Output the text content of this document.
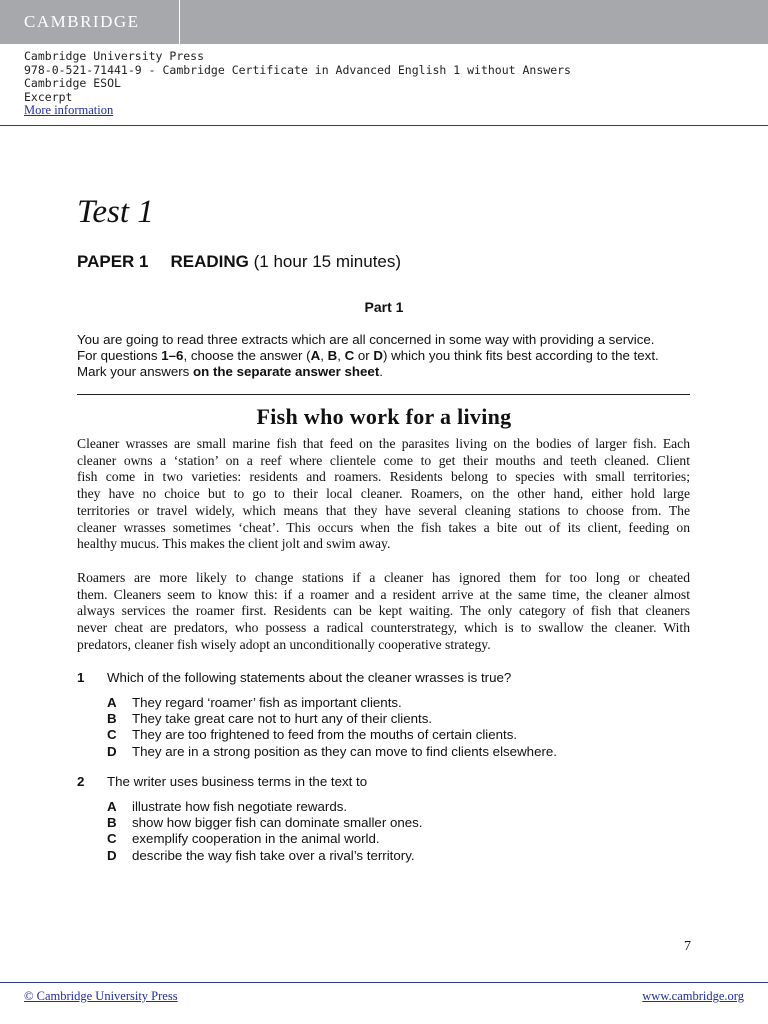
CAMBRIDGE
Cambridge University Press
978-0-521-71441-9 - Cambridge Certificate in Advanced English 1 without Answers
Cambridge ESOL
Excerpt
More information
Test 1
PAPER 1 READING (1 hour 15 minutes)
Part 1
You are going to read three extracts which are all concerned in some way with providing a service.
For questions 1–6, choose the answer (A, B, C or D) which you think fits best according to the text.
Mark your answers on the separate answer sheet.
Fish who work for a living
Cleaner wrasses are small marine fish that feed on the parasites living on the bodies of larger fish. Each
cleaner owns a ‘station’ on a reef where clientele come to get their mouths and teeth cleaned. Client
fish come in two varieties: residents and roamers. Residents belong to species with small territories;
they have no choice but to go to their local cleaner. Roamers, on the other hand, either hold large
territories or travel widely, which means that they have several cleaning stations to choose from. The
cleaner wrasses sometimes ‘cheat’. This occurs when the fish takes a bite out of its client, feeding on
healthy mucus. This makes the client jolt and swim away.
Roamers are more likely to change stations if a cleaner has ignored them for too long or cheated
them. Cleaners seem to know this: if a roamer and a resident arrive at the same time, the cleaner almost
always services the roamer first. Residents can be kept waiting. The only category of fish that cleaners
never cheat are predators, who possess a radical counterstrategy, which is to swallow the cleaner. With
predators, cleaner fish wisely adopt an unconditionally cooperative strategy.
1 Which of the following statements about the cleaner wrasses is true?
A They regard ‘roamer’ fish as important clients.
B They take great care not to hurt any of their clients.
C They are too frightened to feed from the mouths of certain clients.
D They are in a strong position as they can move to find clients elsewhere.
2 The writer uses business terms in the text to
A illustrate how fish negotiate rewards.
B show how bigger fish can dominate smaller ones.
C exemplify cooperation in the animal world.
D describe the way fish take over a rival’s territory.
7
© Cambridge University Press	www.cambridge.org
